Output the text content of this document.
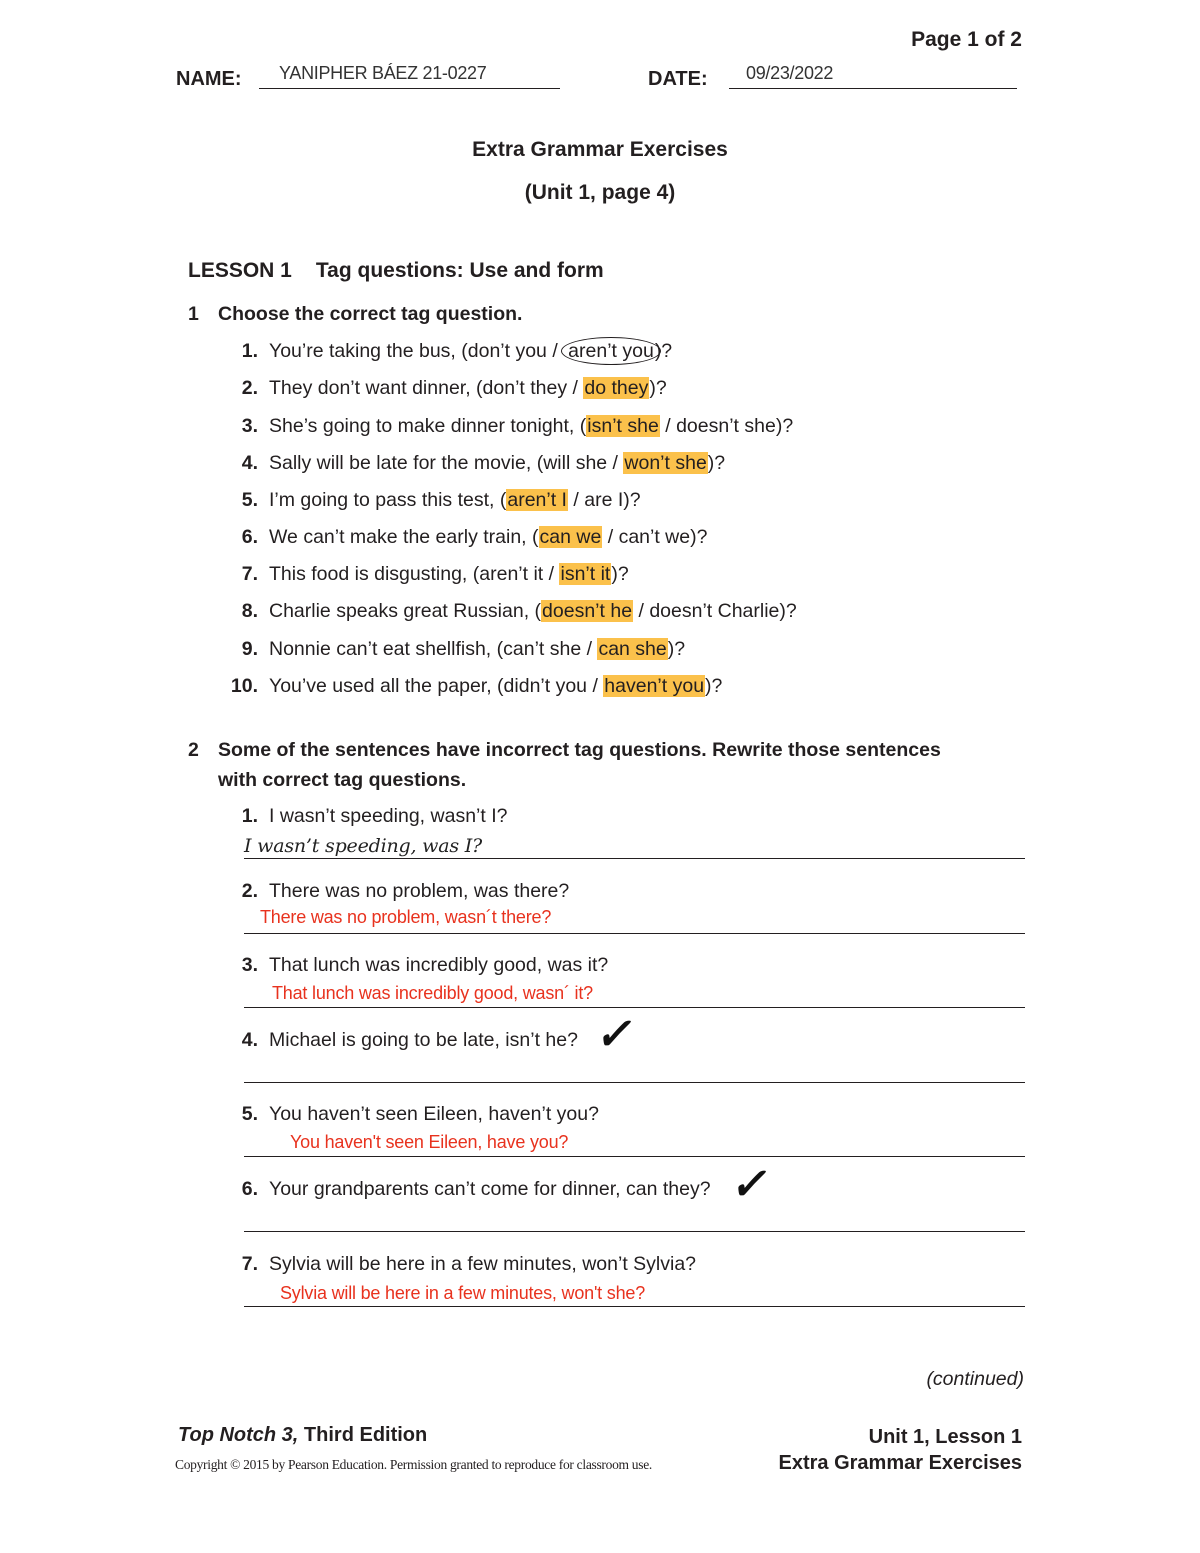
Page 1 of 2
NAME: YANIPHER BÁEZ 21-0227	DATE: 09/23/2022
Extra Grammar Exercises
(Unit 1, page 4)
LESSON 1 Tag questions: Use and form
1 Choose the correct tag question.
1. You’re taking the bus, (don’t you / aren’t you)?
2. They don’t want dinner, (don’t they / do they)?
3. She’s going to make dinner tonight, (isn’t she / doesn’t she)?
4. Sally will be late for the movie, (will she / won’t she)?
5. I’m going to pass this test, (aren’t I / are I)?
6. We can’t make the early train, (can we / can’t we)?
7. This food is disgusting, (aren’t it / isn’t it)?
8. Charlie speaks great Russian, (doesn’t he / doesn’t Charlie)?
9. Nonnie can’t eat shellfish, (can’t she / can she)?
10. You’ve used all the paper, (didn’t you / haven’t you)?
2 Some of the sentences have incorrect tag questions. Rewrite those sentences
with correct tag questions.
1. I wasn’t speeding, wasn’t I?
I wasn’t speeding, was I?
2. There was no problem, was there?
There was no problem, wasn´t there?
3. That lunch was incredibly good, was it?
That lunch was incredibly good, wasn´ it?
4. Michael is going to be late, isn’t he? ✓
5. You haven’t seen Eileen, haven’t you?
You haven't seen Eileen, have you?
6. Your grandparents can’t come for dinner, can they? ✓
7. Sylvia will be here in a few minutes, won’t Sylvia?
Sylvia will be here in a few minutes, won't she?
(continued)
Top Notch 3, Third Edition
Copyright © 2015 by Pearson Education. Permission granted to reproduce for classroom use.
Unit 1, Lesson 1
Extra Grammar Exercises
